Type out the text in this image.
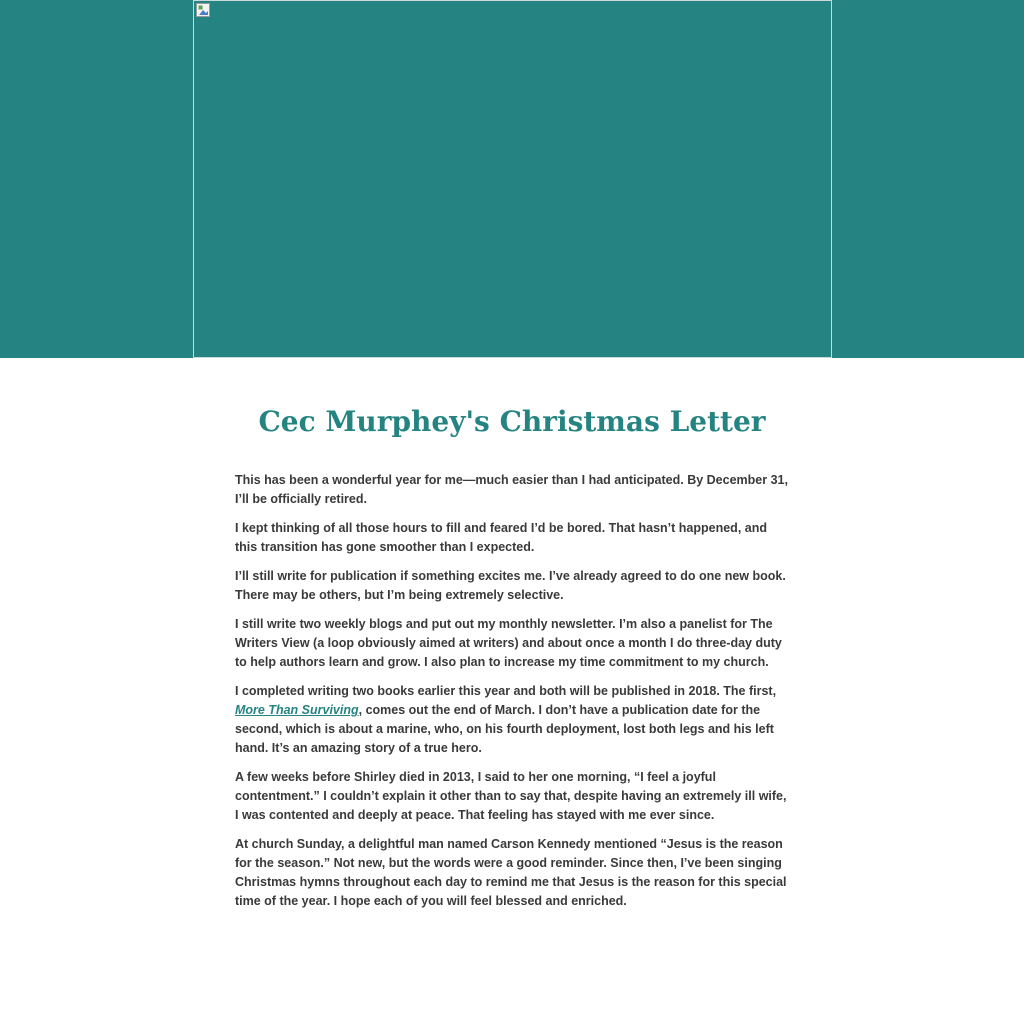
Cec Murphey's Christmas Letter

This has been a wonderful year for me—much easier than I had anticipated. By December 31, I’ll be officially retired.

I kept thinking of all those hours to fill and feared I’d be bored. That hasn’t happened, and this transition has gone smoother than I expected.

I’ll still write for publication if something excites me. I’ve already agreed to do one new book. There may be others, but I’m being extremely selective.

I still write two weekly blogs and put out my monthly newsletter. I’m also a panelist for The Writers View (a loop obviously aimed at writers) and about once a month I do three-day duty to help authors learn and grow. I also plan to increase my time commitment to my church.

I completed writing two books earlier this year and both will be published in 2018. The first, More Than Surviving, comes out the end of March. I don’t have a publication date for the second, which is about a marine, who, on his fourth deployment, lost both legs and his left hand. It’s an amazing story of a true hero.

A few weeks before Shirley died in 2013, I said to her one morning, “I feel a joyful contentment.” I couldn’t explain it other than to say that, despite having an extremely ill wife, I was contented and deeply at peace. That feeling has stayed with me ever since.

At church Sunday, a delightful man named Carson Kennedy mentioned “Jesus is the reason for the season.” Not new, but the words were a good reminder. Since then, I’ve been singing Christmas hymns throughout each day to remind me that Jesus is the reason for this special time of the year. I hope each of you will feel blessed and enriched.
